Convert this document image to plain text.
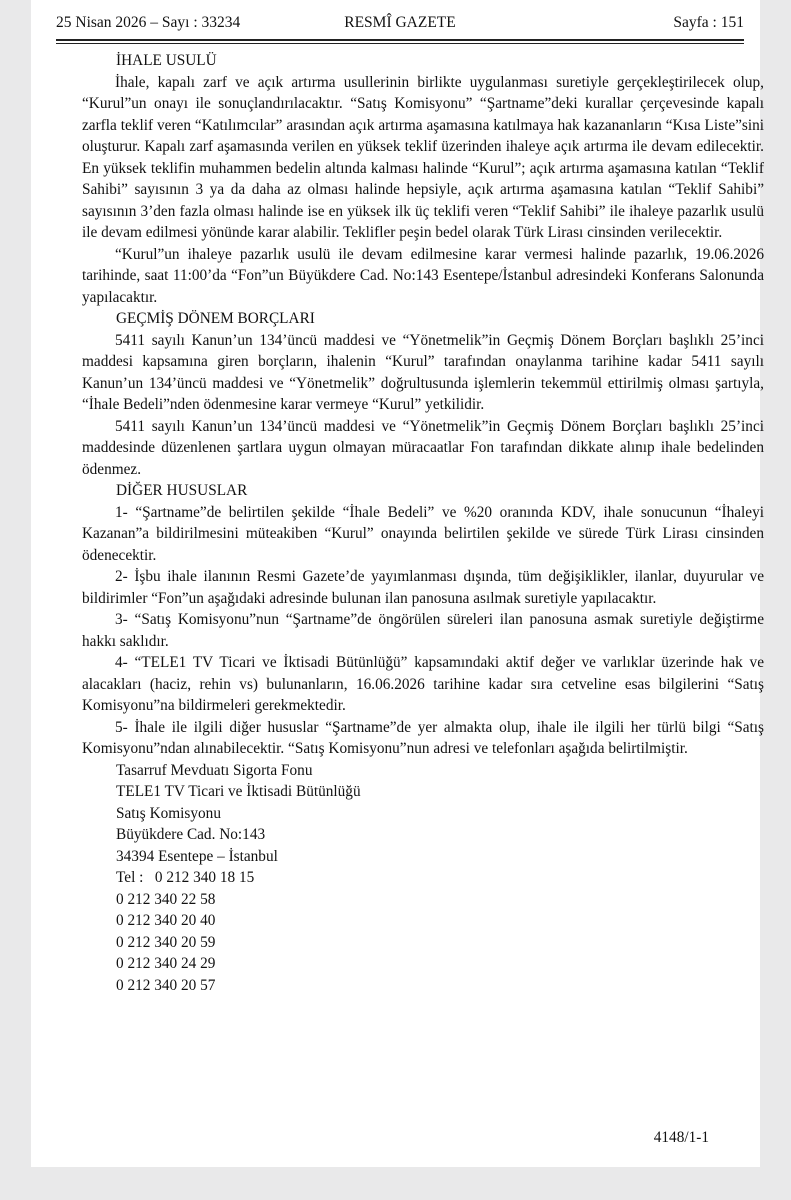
25 Nisan 2026 – Sayı : 33234	RESMÎ GAZETE	Sayfa : 151
İHALE USULÜ
İhale, kapalı zarf ve açık artırma usullerinin birlikte uygulanması suretiyle gerçekleştirilecek olup, “Kurul”un onayı ile sonuçlandırılacaktır. “Satış Komisyonu” “Şartname”deki kurallar çerçevesinde kapalı zarfla teklif veren “Katılımcılar” arasından açık artırma aşamasına katılmaya hak kazananların “Kısa Liste”sini oluşturur. Kapalı zarf aşamasında verilen en yüksek teklif üzerinden ihaleye açık artırma ile devam edilecektir. En yüksek teklifin muhammen bedelin altında kalması halinde “Kurul”; açık artırma aşamasına katılan “Teklif Sahibi” sayısının 3 ya da daha az olması halinde hepsiyle, açık artırma aşamasına katılan “Teklif Sahibi” sayısının 3’den fazla olması halinde ise en yüksek ilk üç teklifi veren “Teklif Sahibi” ile ihaleye pazarlık usulü ile devam edilmesi yönünde karar alabilir. Teklifler peşin bedel olarak Türk Lirası cinsinden verilecektir.
“Kurul”un ihaleye pazarlık usulü ile devam edilmesine karar vermesi halinde pazarlık, 19.06.2026 tarihinde, saat 11:00’da “Fon”un Büyükdere Cad. No:143 Esentepe/İstanbul adresindeki Konferans Salonunda yapılacaktır.
GEÇMİŞ DÖNEM BORÇLARI
5411 sayılı Kanun’un 134’üncü maddesi ve “Yönetmelik”in Geçmiş Dönem Borçları başlıklı 25’inci maddesi kapsamına giren borçların, ihalenin “Kurul” tarafından onaylanma tarihine kadar 5411 sayılı Kanun’un 134’üncü maddesi ve “Yönetmelik” doğrultusunda işlemlerin tekemmül ettirilmiş olması şartıyla, “İhale Bedeli”nden ödenmesine karar vermeye “Kurul” yetkilidir.
5411 sayılı Kanun’un 134’üncü maddesi ve “Yönetmelik”in Geçmiş Dönem Borçları başlıklı 25’inci maddesinde düzenlenen şartlara uygun olmayan müracaatlar Fon tarafından dikkate alınıp ihale bedelinden ödenmez.
DİĞER HUSUSLAR
1- “Şartname”de belirtilen şekilde “İhale Bedeli” ve %20 oranında KDV, ihale sonucunun “İhaleyi Kazanan”a bildirilmesini müteakiben “Kurul” onayında belirtilen şekilde ve sürede Türk Lirası cinsinden ödenecektir.
2- İşbu ihale ilanının Resmi Gazete’de yayımlanması dışında, tüm değişiklikler, ilanlar, duyurular ve bildirimler “Fon”un aşağıdaki adresinde bulunan ilan panosuna asılmak suretiyle yapılacaktır.
3- “Satış Komisyonu”nun “Şartname”de öngörülen süreleri ilan panosuna asmak suretiyle değiştirme hakkı saklıdır.
4- “TELE1 TV Ticari ve İktisadi Bütünlüğü” kapsamındaki aktif değer ve varlıklar üzerinde hak ve alacakları (haciz, rehin vs) bulunanların, 16.06.2026 tarihine kadar sıra cetveline esas bilgilerini “Satış Komisyonu”na bildirmeleri gerekmektedir.
5- İhale ile ilgili diğer hususlar “Şartname”de yer almakta olup, ihale ile ilgili her türlü bilgi “Satış Komisyonu”ndan alınabilecektir. “Satış Komisyonu”nun adresi ve telefonları aşağıda belirtilmiştir.
Tasarruf Mevduatı Sigorta Fonu
TELE1 TV Ticari ve İktisadi Bütünlüğü
Satış Komisyonu
Büyükdere Cad. No:143
34394 Esentepe – İstanbul
Tel : 0 212 340 18 15
0 212 340 22 58
0 212 340 20 40
0 212 340 20 59
0 212 340 24 29
0 212 340 20 57
4148/1-1
